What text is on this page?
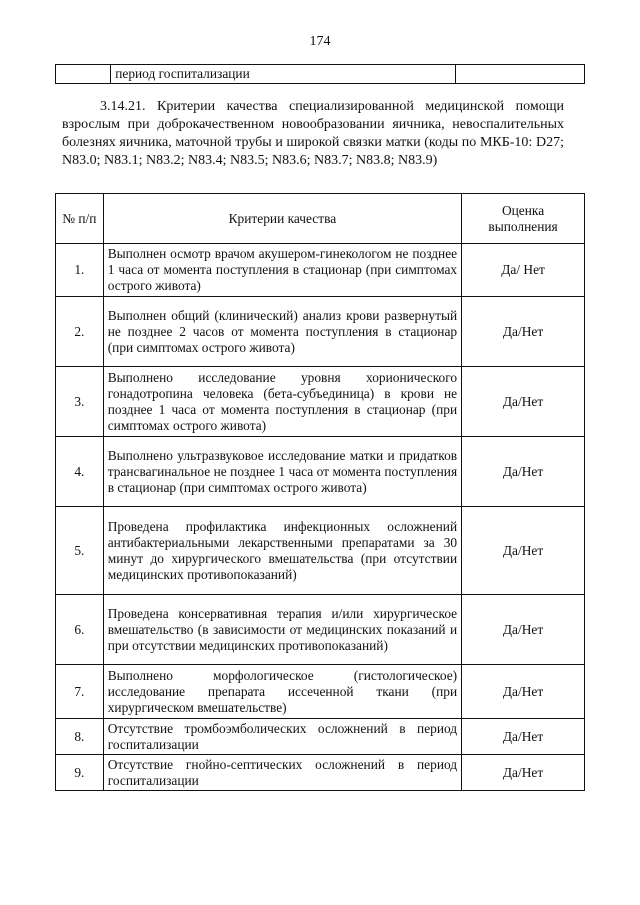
174
	период госпитализации	
3.14.21. Критерии качества специализированной медицинской помощи взрослым при доброкачественном новообразовании яичника, невоспалительных болезнях яичника, маточной трубы и широкой связки матки (коды по МКБ-10: D27; N83.0; N83.1; N83.2; N83.4; N83.5; N83.6; N83.7; N83.8; N83.9)
№ п/п	Критерии качества	Оценка выполнения
1.	Выполнен осмотр врачом акушером-гинекологом не позднее 1 часа от момента поступления в стационар (при симптомах острого живота)	Да/ Нет
2.	Выполнен общий (клинический) анализ крови развернутый не позднее 2 часов от момента поступления в стационар (при симптомах острого живота)	Да/Нет
3.	Выполнено исследование уровня хорионического гонадотропина человека (бета-субъединица) в крови не позднее 1 часа от момента поступления в стационар (при симптомах острого живота)	Да/Нет
4.	Выполнено ультразвуковое исследование матки и придатков трансвагинальное не позднее 1 часа от момента поступления в стационар (при симптомах острого живота)	Да/Нет
5.	Проведена профилактика инфекционных осложнений антибактериальными лекарственными препаратами за 30 минут до хирургического вмешательства (при отсутствии медицинских противопоказаний)	Да/Нет
6.	Проведена консервативная терапия и/или хирургическое вмешательство (в зависимости от медицинских показаний и при отсутствии медицинских противопоказаний)	Да/Нет
7.	Выполнено морфологическое (гистологическое) исследование препарата иссеченной ткани (при хирургическом вмешательстве)	Да/Нет
8.	Отсутствие тромбоэмболических осложнений в период госпитализации	Да/Нет
9.	Отсутствие гнойно-септических осложнений в период госпитализации	Да/Нет
